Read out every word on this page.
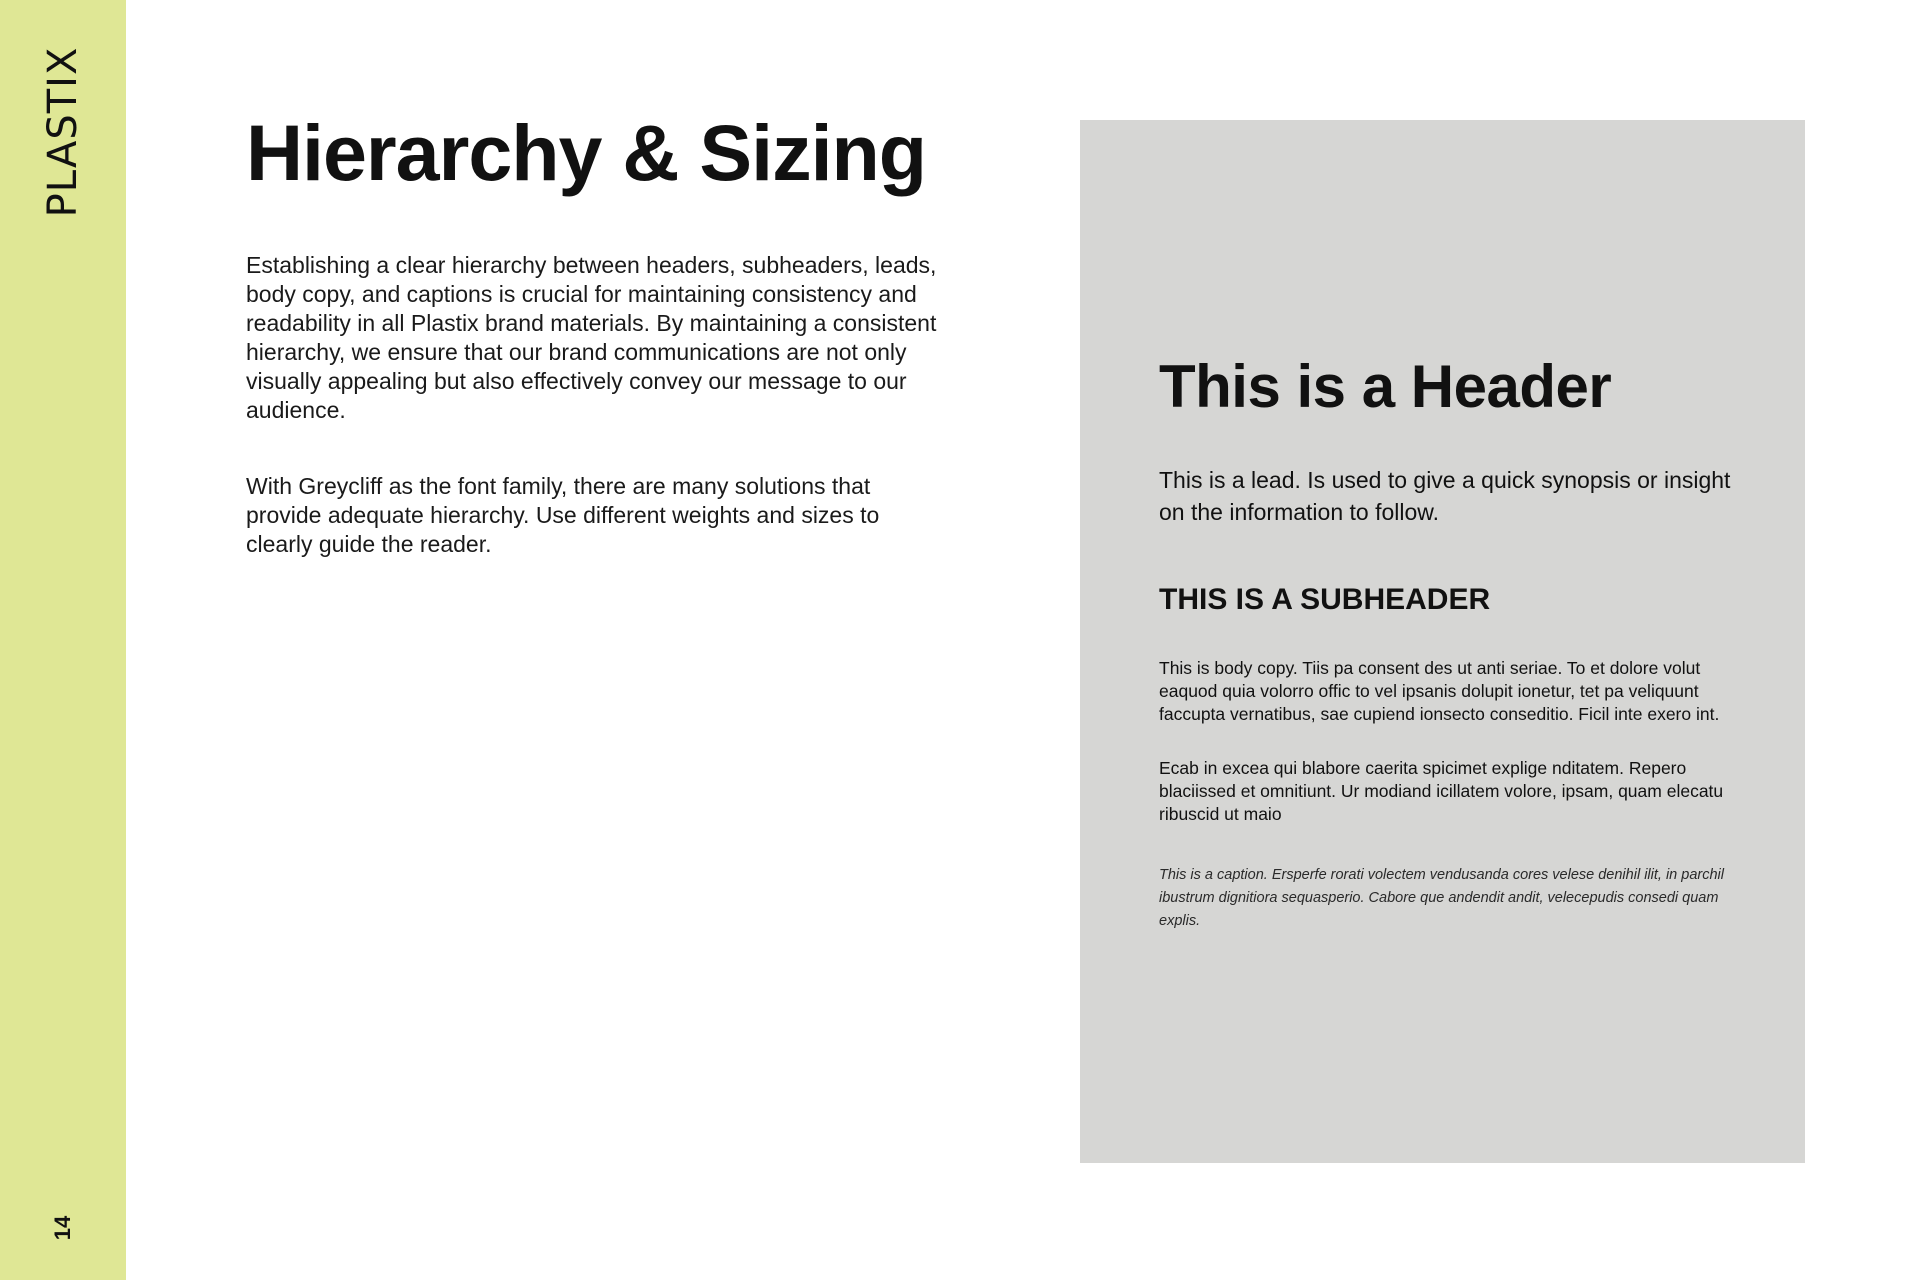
PLASTIX
14
Hierarchy & Sizing

Establishing a clear hierarchy between headers, subheaders, leads, body copy, and captions is crucial for maintaining consistency and readability in all Plastix brand materials. By maintaining a consistent hierarchy, we ensure that our brand communications are not only visually appealing but also effectively convey our message to our audience.

With Greycliff as the font family, there are many solutions that provide adequate hierarchy. Use different weights and sizes to clearly guide the reader.

This is a Header

This is a lead. Is used to give a quick synopsis or insight on the information to follow.

THIS IS A SUBHEADER

This is body copy. Tiis pa consent des ut anti seriae. To et dolore volut eaquod quia volorro offic to vel ipsanis dolupit ionetur, tet pa veliquunt faccupta vernatibus, sae cupiend ionsecto conseditio. Ficil inte exero int.

Ecab in excea qui blabore caerita spicimet explige nditatem. Repero blaciissed et omnitiunt. Ur modiand icillatem volore, ipsam, quam elecatu ribuscid ut maio

This is a caption. Ersperfe rorati volectem vendusanda cores velese denihil ilit, in parchil ibustrum dignitiora sequasperio. Cabore que andendit andit, velecepudis consedi quam explis.
